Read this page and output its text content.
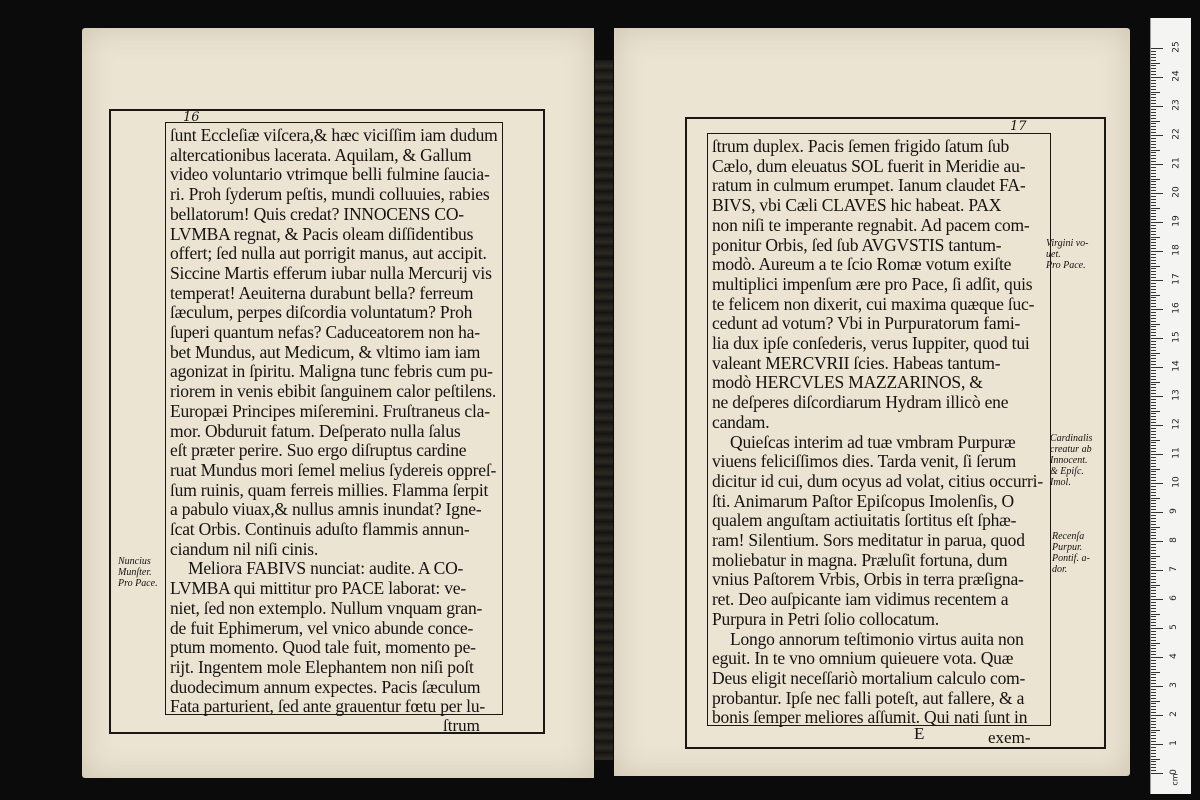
16
ſunt Eccleſiæ viſcera,& hæc viciſſim iam dudum
altercationibus lacerata. Aquilam, & Gallum
video voluntario vtrimque belli fulmine ſaucia-
ri. Proh ſyderum peſtis, mundi colluuies, rabies
bellatorum! Quis credat? INNOCENS CO-
LVMBA regnat, & Pacis oleam diſſidentibus
offert; ſed nulla aut porrigit manus, aut accipit.
Siccine Martis efferum iubar nulla Mercurij vis
temperat! Aeuiterna durabunt bella? ferreum
ſæculum, perpes diſcordia voluntatum? Proh
ſuperi quantum nefas? Caduceatorem non ha-
bet Mundus, aut Medicum, & vltimo iam iam
agonizat in ſpiritu. Maligna tunc febris cum pu-
riorem in venis ebibit ſanguinem calor peſtilens.
Europæi Principes miſeremini. Fruſtraneus cla-
mor. Obduruit fatum. Deſperato nulla ſalus
eſt præter perire. Suo ergo diſruptus cardine
ruat Mundus mori ſemel melius ſydereis oppreſ-
ſum ruinis, quam ferreis millies. Flamma ſerpit
a pabulo viuax,& nullus amnis inundat? Igne-
ſcat Orbis. Continuis aduſto flammis annun-
ciandum nil niſi cinis.
Meliora FABIVS nunciat: audite. A CO-
LVMBA qui mittitur pro PACE laborat: ve-
niet, ſed non extemplo. Nullum vnquam gran-
de fuit Ephimerum, vel vnico abunde conce-
ptum momento. Quod tale fuit, momento pe-
rijt. Ingentem mole Elephantem non niſi poſt
duodecimum annum expectes. Pacis ſæculum
Fata parturient, ſed ante grauentur fœtu per lu-
Nuncius
Munſter.
Pro Pace.
ſtrum
17
ſtrum duplex. Pacis ſemen frigido ſatum ſub
Cælo, dum eleuatus SOL fuerit in Meridie au-
ratum in culmum erumpet. Ianum claudet FA-
BIVS, vbi Cæli CLAVES hic habeat. PAX
non niſi te imperante regnabit. Ad pacem com-
ponitur Orbis, ſed ſub AVGVSTIS tantum-
modò. Aureum a te ſcio Romæ votum exiſte
multiplici impenſum ære pro Pace, ſi adſit, quis
te felicem non dixerit, cui maxima quæque ſuc-
cedunt ad votum? Vbi in Purpuratorum fami-
lia dux ipſe conſederis, verus Iuppiter, quod tui
valeant MERCVRII ſcies. Habeas tantum-
modò HERCVLES MAZZARINOS, &
ne deſperes diſcordiarum Hydram illicò ene
candam.
Quieſcas interim ad tuæ vmbram Purpuræ
viuens feliciſſimos dies. Tarda venit, ſi ſerum
dicitur id cui, dum ocyus ad volat, citius occurri-
ſti. Animarum Paſtor Epiſcopus Imolenſis, O
qualem anguſtam actiuitatis ſortitus eſt ſphæ-
ram! Silentium. Sors meditatur in parua, quod
moliebatur in magna. Præluſit fortuna, dum
vnius Paſtorem Vrbis, Orbis in terra præſigna-
ret. Deo auſpicante iam vidimus recentem a
Purpura in Petri ſolio collocatum.
Longo annorum teſtimonio virtus auita non
eguit. In te vno omnium quieuere vota. Quæ
Deus eligit neceſſariò mortalium calculo com-
probantur. Ipſe nec falli poteſt, aut fallere, & a
bonis ſemper meliores aſſumit. Qui nati ſunt in
Virgini vo-
uet.
Pro Pace.
Cardinalis
creatur ab
Innocent.
& Epiſc.
Imol.
Recenſa
Purpur.
Pontif. a-
dor.
E	exem-
25
24
23
22
21
20
19
18
17
16
15
14
13
12
11
10
9
8
7
6
5
4
3
2
1
0
cm
